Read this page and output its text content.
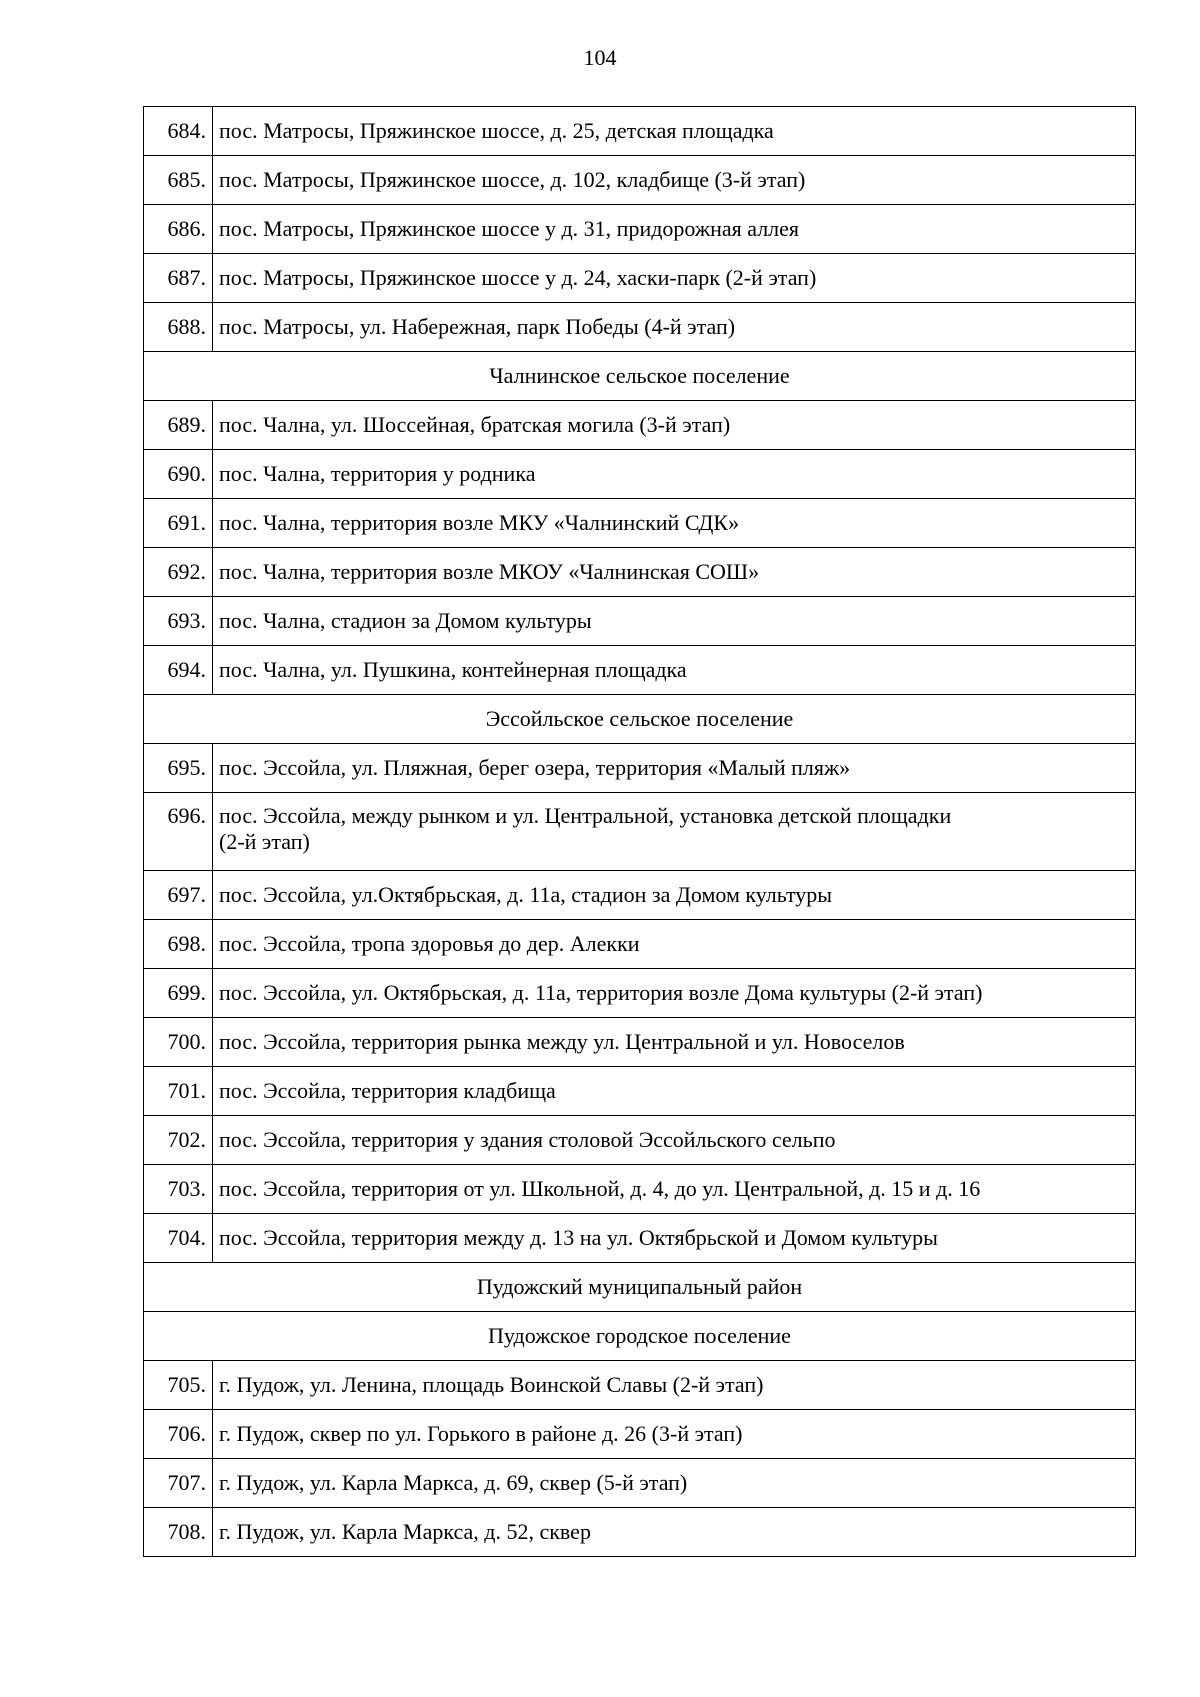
104
684.	пос. Матросы, Пряжинское шоссе, д. 25, детская площадка
685.	пос. Матросы, Пряжинское шоссе, д. 102, кладбище (3-й этап)
686.	пос. Матросы, Пряжинское шоссе у д. 31, придорожная аллея
687.	пос. Матросы, Пряжинское шоссе у д. 24, хаски-парк (2-й этап)
688.	пос. Матросы, ул. Набережная, парк Победы (4-й этап)
Чалнинское сельское поселение	
689.	пос. Чална, ул. Шоссейная, братская могила (3-й этап)
690.	пос. Чална, территория у родника
691.	пос. Чална, территория возле МКУ «Чалнинский СДК»
692.	пос. Чална, территория возле МКОУ «Чалнинская СОШ»
693.	пос. Чална, стадион за Домом культуры
694.	пос. Чална, ул. Пушкина, контейнерная площадка
Эссойльское сельское поселение	
695.	пос. Эссойла, ул. Пляжная, берег озера, территория «Малый пляж»
696.	пос. Эссойла, между рынком и ул. Центральной, установка детской площадки
(2-й этап)

697.	пос. Эссойла, ул.Октябрьская, д. 11а, стадион за Домом культуры
698.	пос. Эссойла, тропа здоровья до дер. Алекки
699.	пос. Эссойла, ул. Октябрьская, д. 11а, территория возле Дома культуры (2-й этап)
700.	пос. Эссойла, территория рынка между ул. Центральной и ул. Новоселов
701.	пос. Эссойла, территория кладбища
702.	пос. Эссойла, территория у здания столовой Эссойльского сельпо
703.	пос. Эссойла, территория от ул. Школьной, д. 4, до ул. Центральной, д. 15 и д. 16
704.	пос. Эссойла, территория между д. 13 на ул. Октябрьской и Домом культуры
Пудожский муниципальный район	
Пудожское городское поселение	
705.	г. Пудож, ул. Ленина, площадь Воинской Славы (2-й этап)
706.	г. Пудож, сквер по ул. Горького в районе д. 26 (3-й этап)
707.	г. Пудож, ул. Карла Маркса, д. 69, сквер (5-й этап)
708.	г. Пудож, ул. Карла Маркса, д. 52, сквер
